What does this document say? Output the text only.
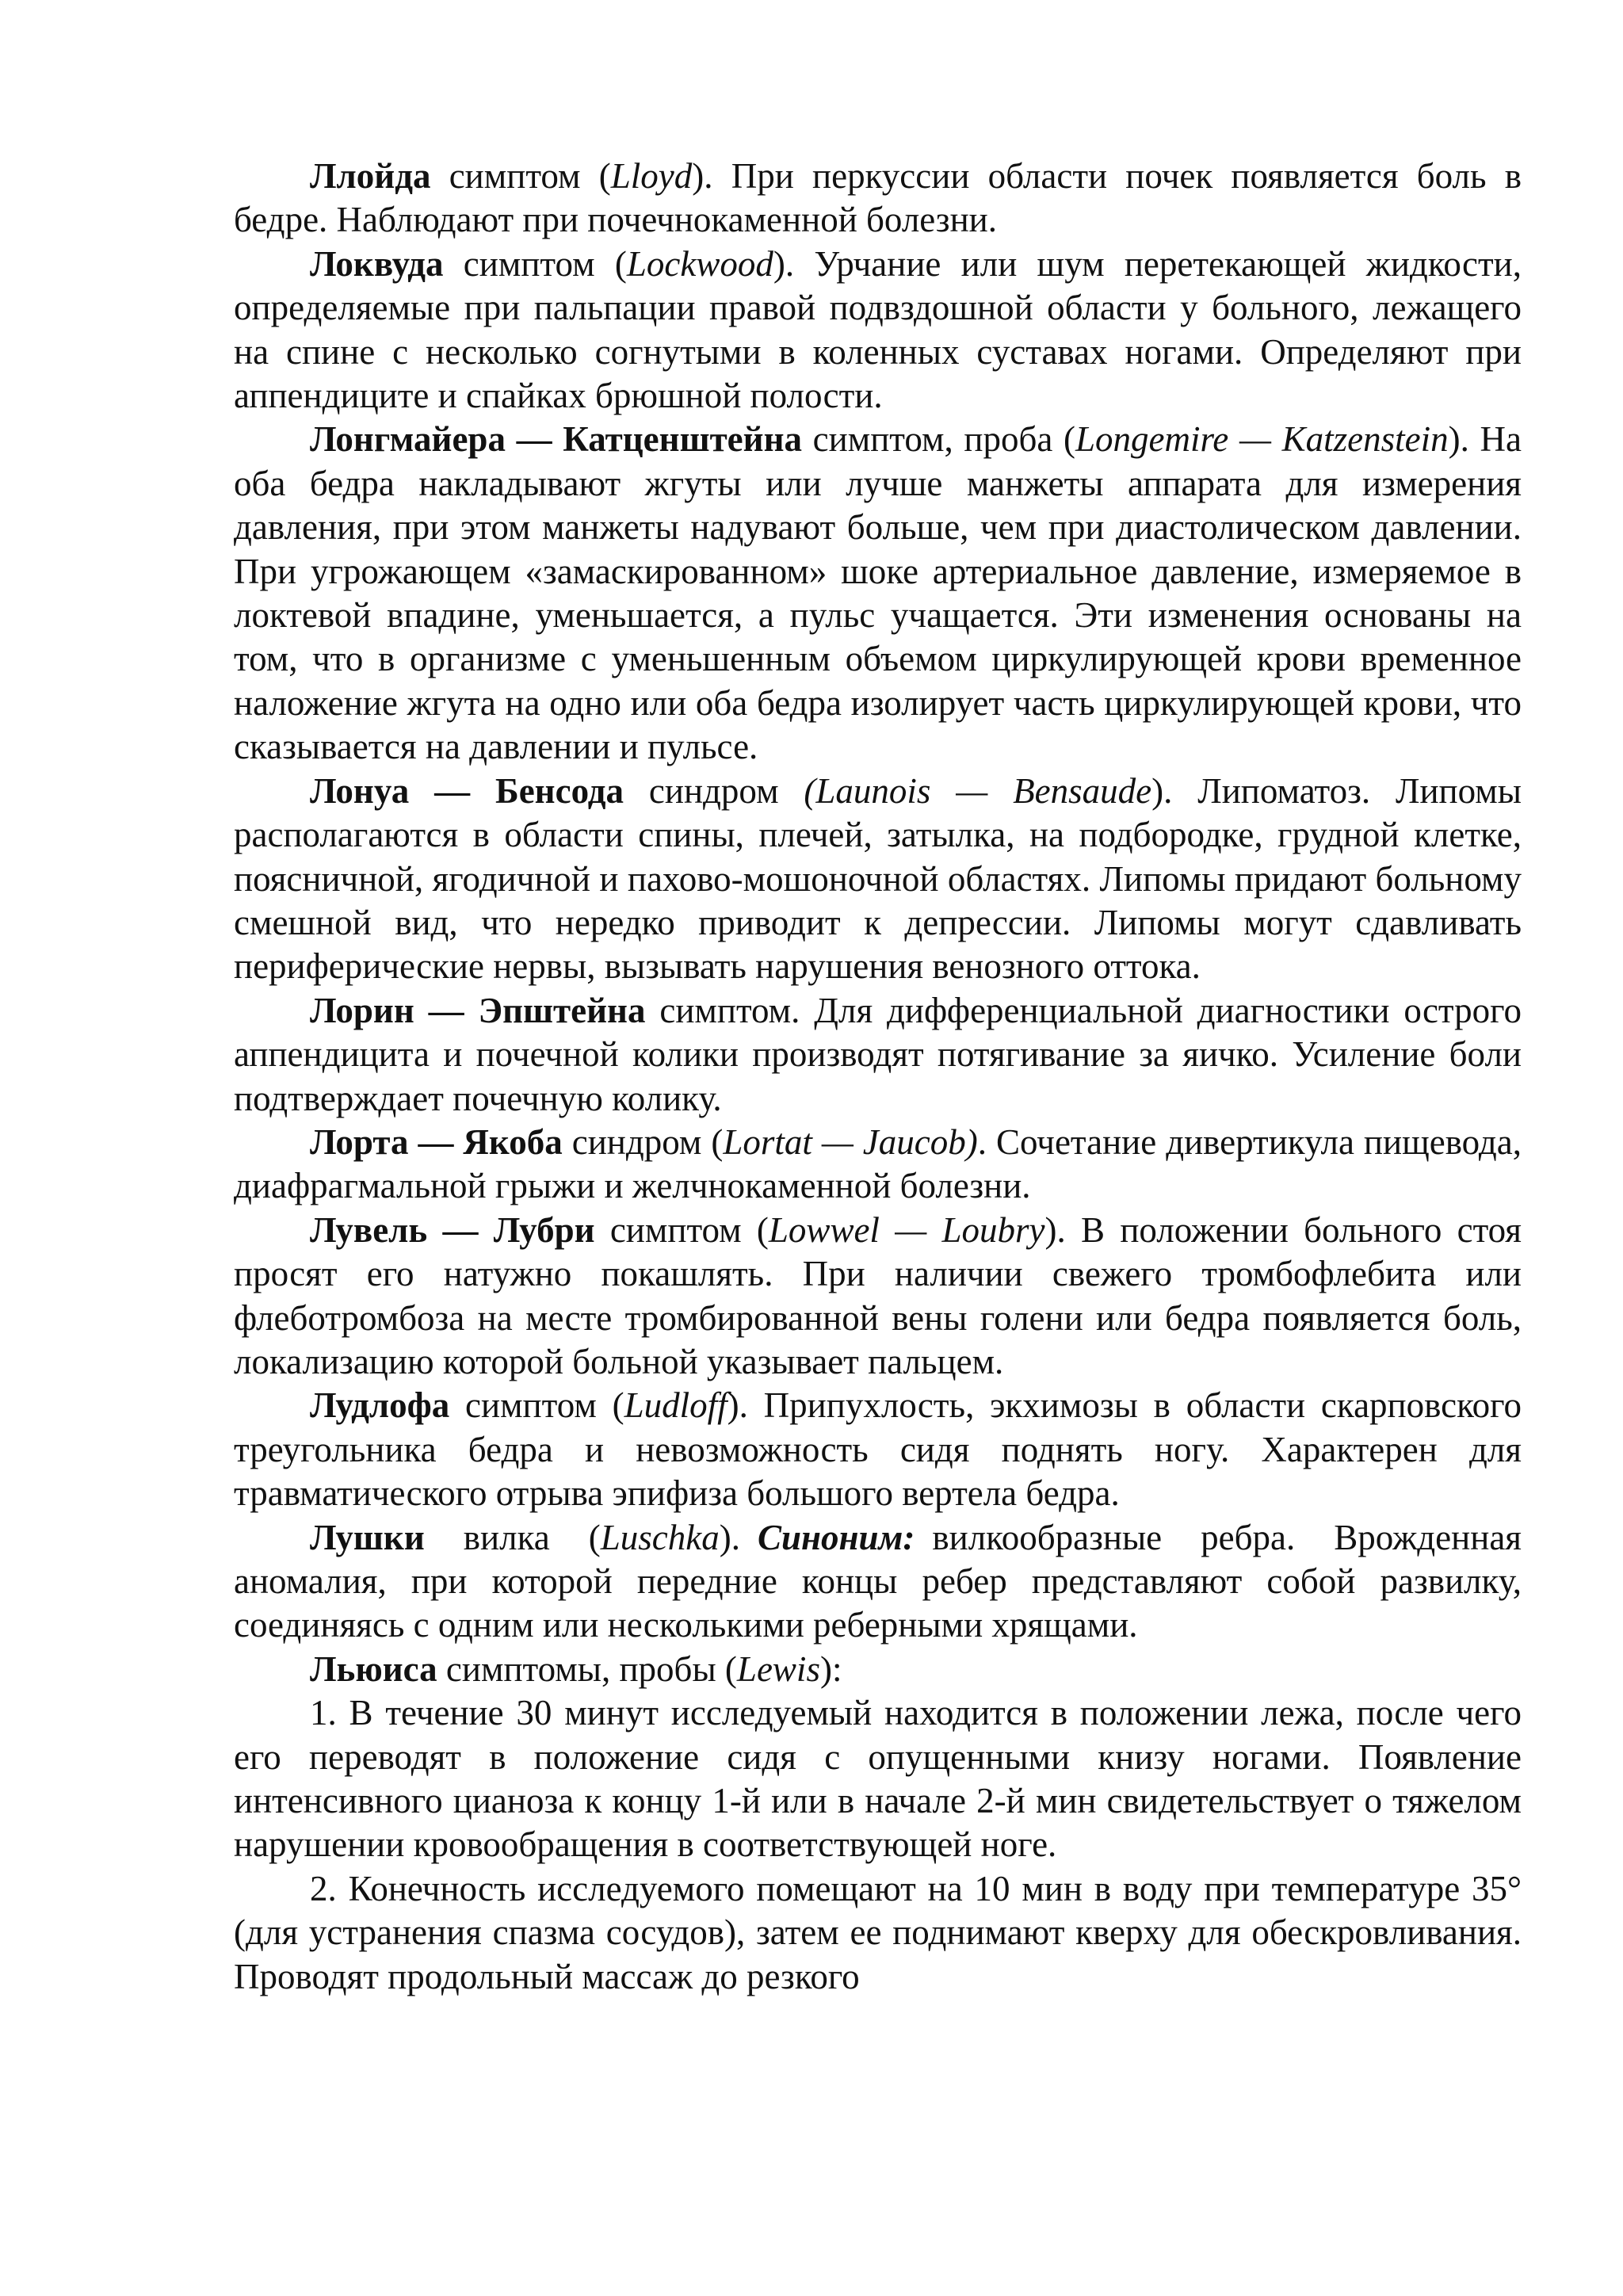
Ллойда симптом (Lloyd). При перкуссии области почек появляется боль в бедре. Наблюдают при почечнокаменной болезни.

Локвуда симптом (Lockwood). Урчание или шум перетекающей жидкости, определяемые при пальпации правой подвздошной области у больного, лежащего на спине с несколько согнутыми в коленных суставах ногами. Определяют при аппендиците и спайках брюшной полости.

Лонгмайера — Катценштейна симптом, проба (Longemire — Katzenstein). На оба бедра накладывают жгуты или лучше манжеты аппарата для измерения давления, при этом манжеты надувают больше, чем при диастолическом давлении. При угрожающем «замаскированном» шоке артериальное давление, измеряемое в локтевой впадине, уменьшается, а пульс учащается. Эти изменения основаны на том, что в организме с уменьшенным объемом циркулирующей крови временное наложение жгута на одно или оба бедра изолирует часть циркулирующей крови, что сказывается на давлении и пульсе.

Лонуа — Бенсода синдром (Launois — Bensaude). Липоматоз. Липомы располагаются в области спины, плечей, затылка, на подбородке, грудной клетке, поясничной, ягодичной и пахово-мошоночной областях. Липомы придают больному смешной вид, что нередко приводит к депрессии. Липомы могут сдавливать периферические нервы, вызывать нарушения венозного оттока.

Лорин — Эпштейна симптом. Для дифференциальной диагностики острого аппендицита и почечной колики производят потягивание за яичко. Усиление боли подтверждает почечную колику.

Лорта — Якоба синдром (Lortat — Jaucob). Сочетание дивертикула пищевода, диафрагмальной грыжи и желчнокаменной болезни.

Лувель — Лубри симптом (Lowwel — Loubry). В положении больного стоя просят его натужно покашлять. При наличии свежего тромбофлебита или флеботромбоза на месте тромбированной вены голени или бедра появляется боль, локализацию которой больной указывает пальцем.

Лудлофа симптом (Ludloff). Припухлость, экхимозы в области скарповского треугольника бедра и невозможность сидя поднять ногу. Характерен для травматического отрыва эпифиза большого вертела бедра.

Лушки вилка (Luschka). Синоним: вилкообразные ребра. Врожденная аномалия, при которой передние концы ребер представляют собой развилку, соединяясь с одним или несколькими реберными хрящами.

Льюиса симптомы, пробы (Lewis):

1. В течение 30 минут исследуемый находится в положении лежа, после чего его переводят в положение сидя с опущенными книзу ногами. Появление интенсивного цианоза к концу 1-й или в начале 2-й мин свидетельствует о тяжелом нарушении кровообращения в соответствующей ноге.

2. Конечность исследуемого помещают на 10 мин в воду при температуре 35° (для устранения спазма сосудов), затем ее поднимают кверху для обескровливания. Проводят продольный массаж до резкого
